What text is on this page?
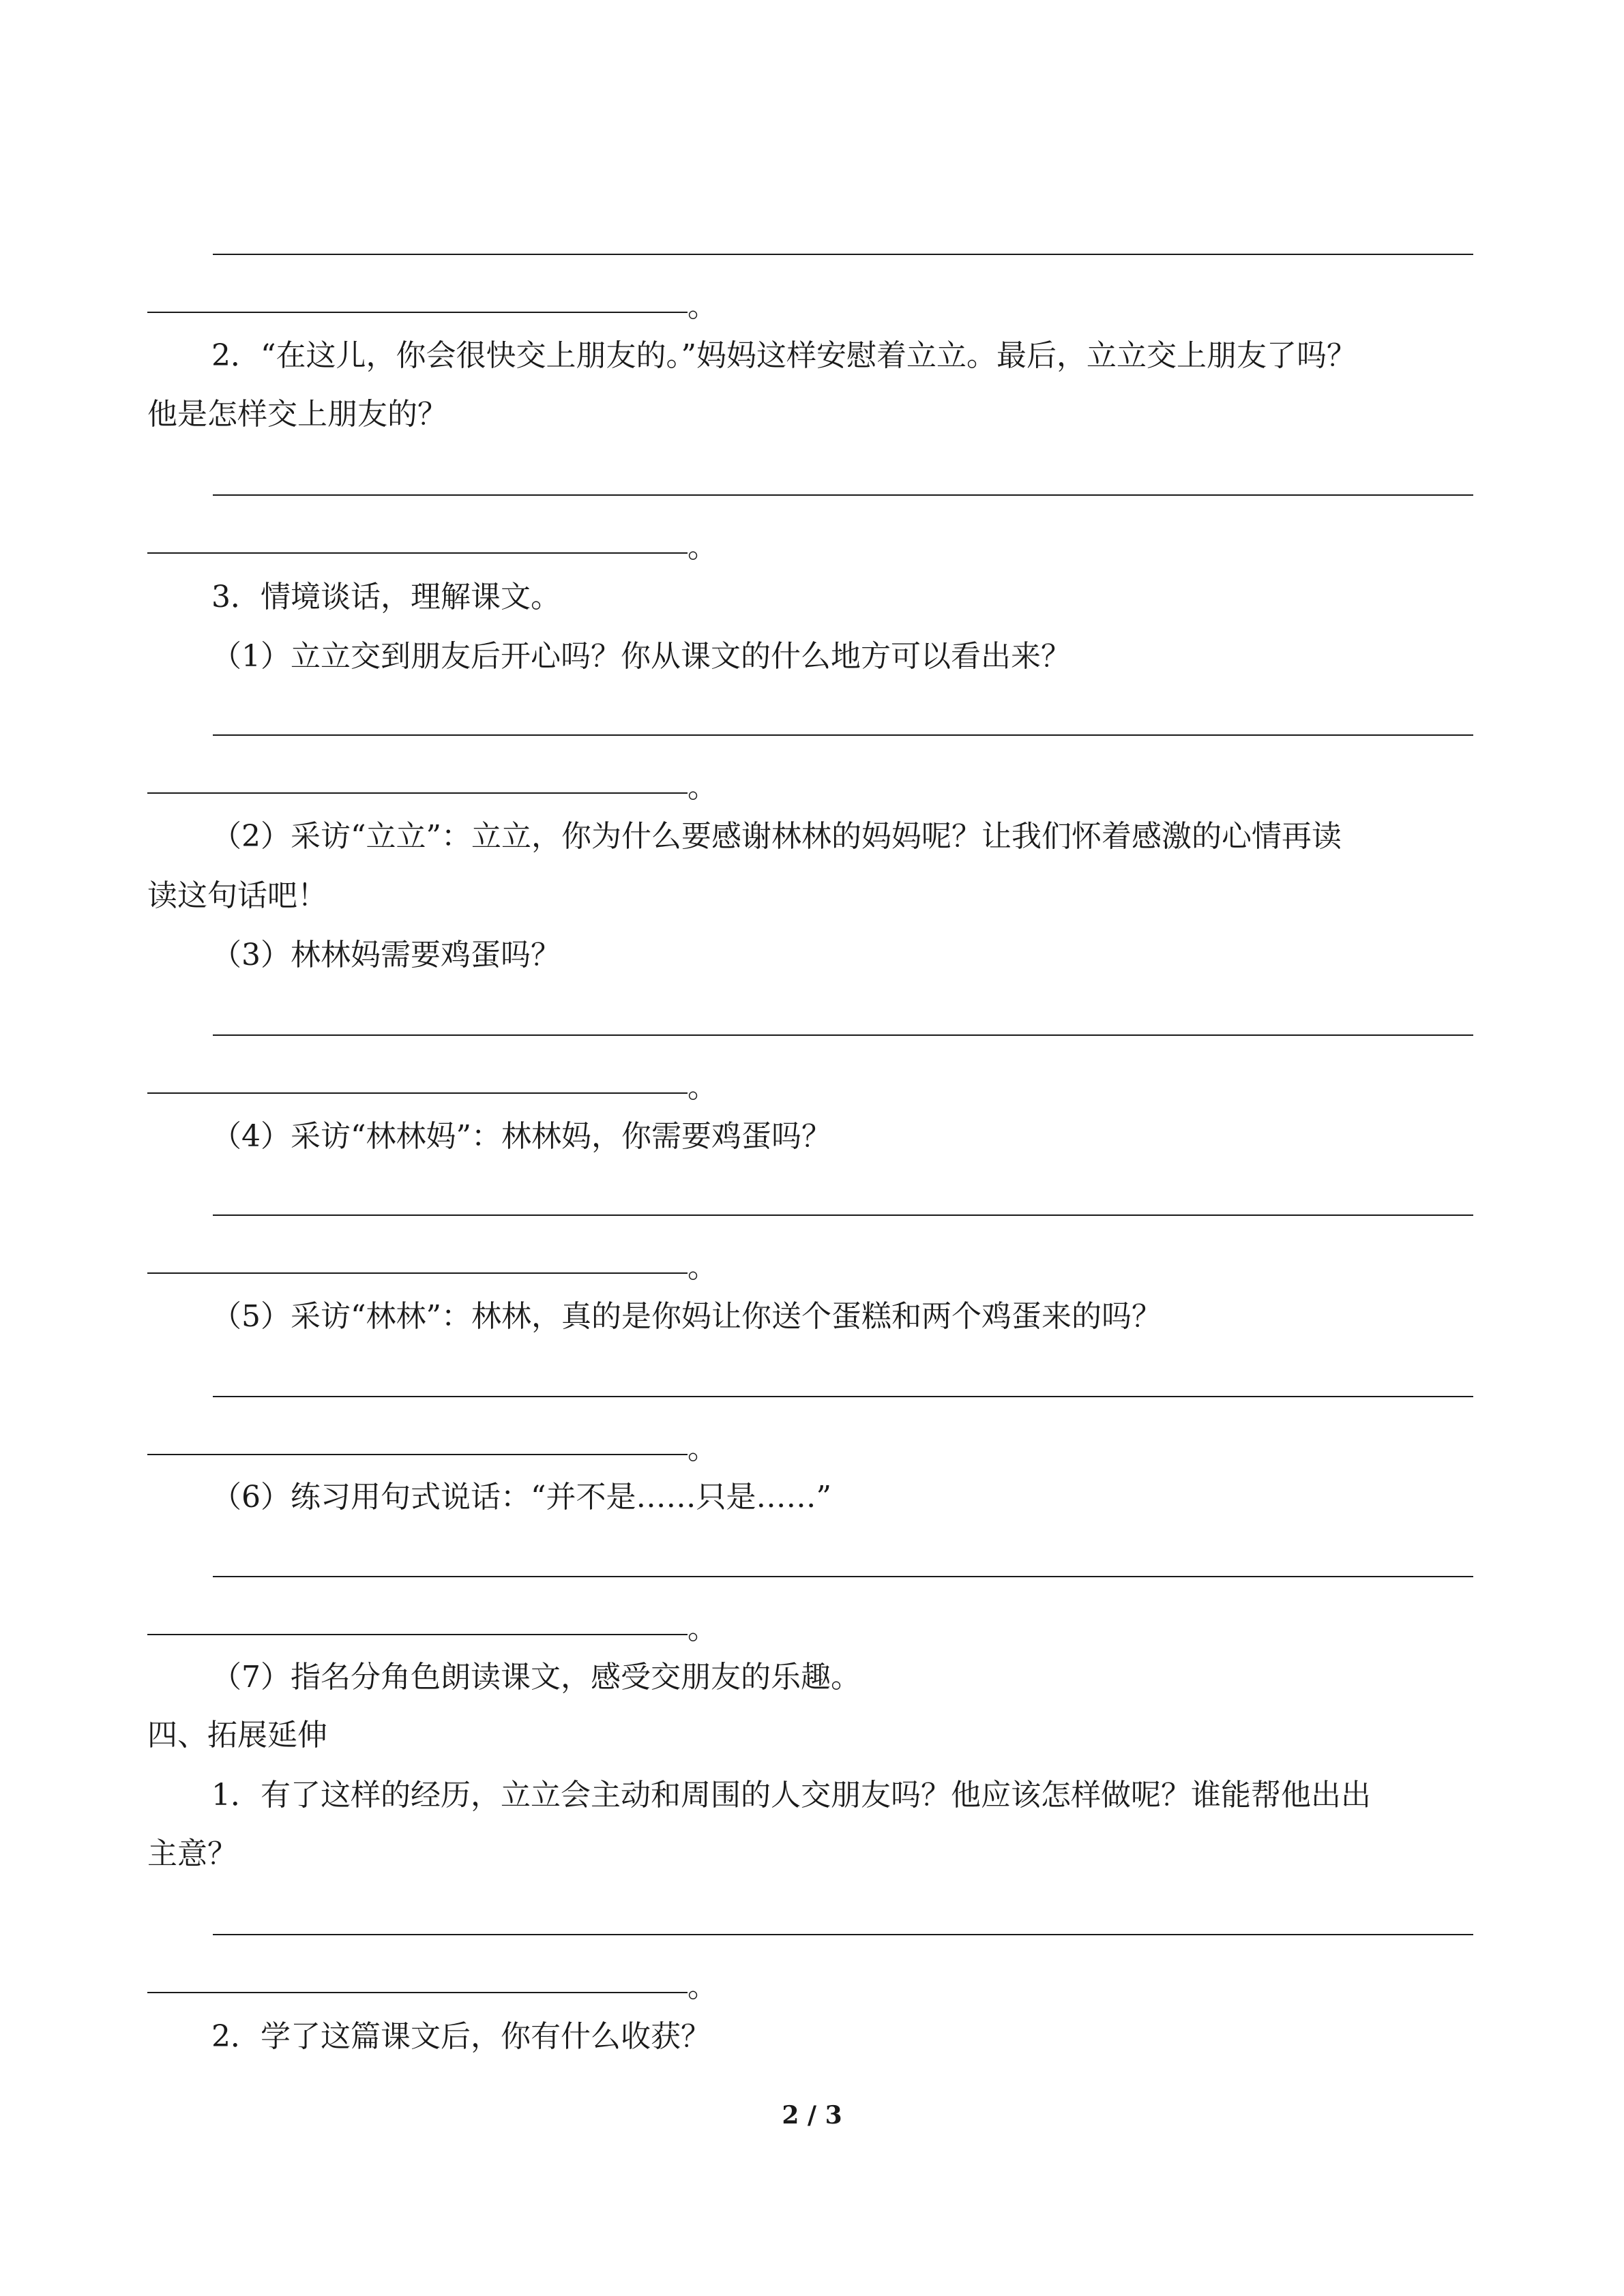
。
2．“在这儿，你会很快交上朋友的。”妈妈这样安慰着立立。最后，立立交上朋友了吗？
他是怎样交上朋友的？
。
3．情境谈话，理解课文。
（1）立立交到朋友后开心吗？你从课文的什么地方可以看出来？
。
（2）采访“立立”：立立，你为什么要感谢林林的妈妈呢？让我们怀着感激的心情再读
读这句话吧！
（3）林林妈需要鸡蛋吗？
。
（4）采访“林林妈”：林林妈，你需要鸡蛋吗？
。
（5）采访“林林”：林林，真的是你妈让你送个蛋糕和两个鸡蛋来的吗？
。
（6）练习用句式说话：“并不是……只是……”
。
（7）指名分角色朗读课文，感受交朋友的乐趣。
四、拓展延伸
1．有了这样的经历，立立会主动和周围的人交朋友吗？他应该怎样做呢？谁能帮他出出
主意？
。
2．学了这篇课文后，你有什么收获？
2 / 3
